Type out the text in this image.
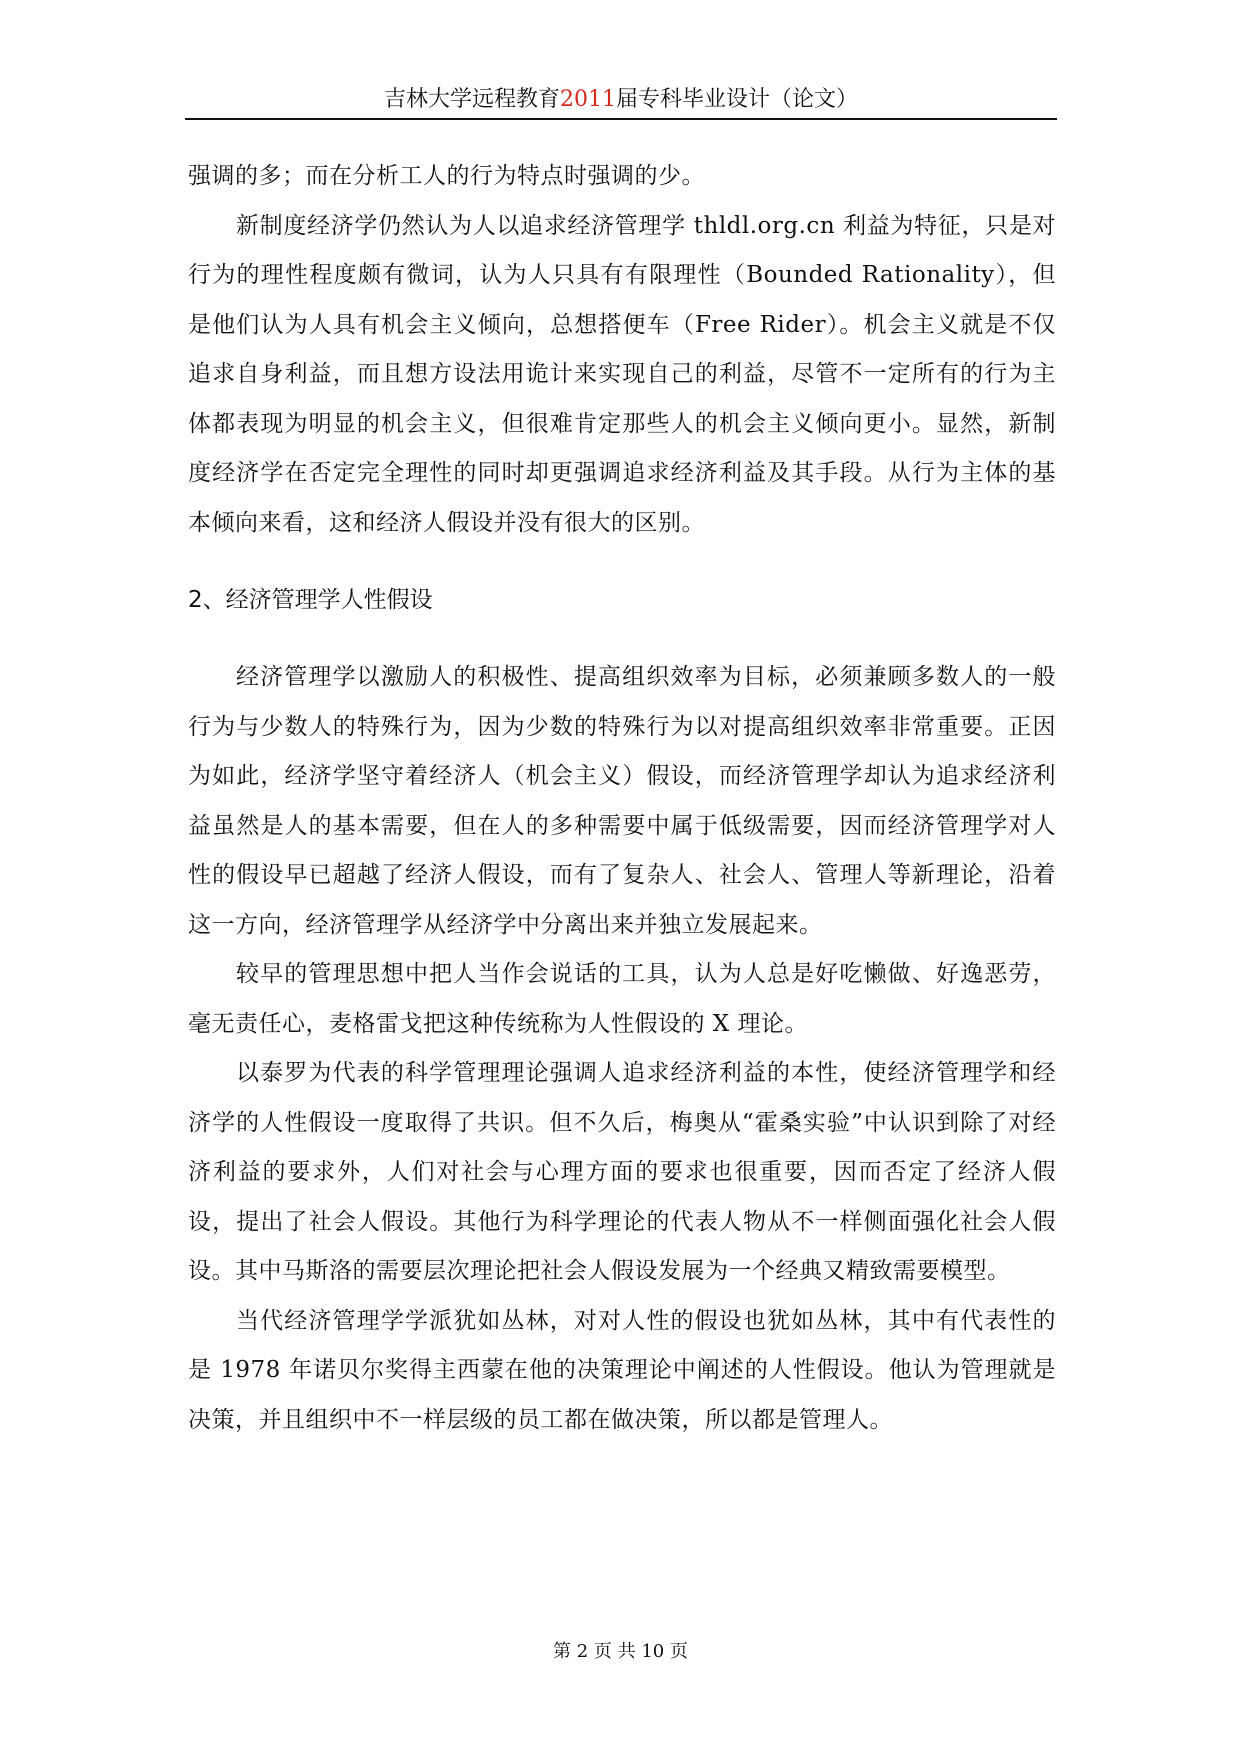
吉林大学远程教育2011届专科毕业设计（论文）

强调的多；而在分析工人的行为特点时强调的少。

新制度经济学仍然认为人以追求经济管理学 thldl.org.cn 利益为特征，只是对行为的理性程度颇有微词，认为人只具有有限理性（Bounded Rationality），但是他们认为人具有机会主义倾向，总想搭便车（Free Rider）。机会主义就是不仅追求自身利益，而且想方设法用诡计来实现自己的利益，尽管不一定所有的行为主体都表现为明显的机会主义，但很难肯定那些人的机会主义倾向更小。显然，新制度经济学在否定完全理性的同时却更强调追求经济利益及其手段。从行为主体的基本倾向来看，这和经济人假设并没有很大的区别。

2、经济管理学人性假设

经济管理学以激励人的积极性、提高组织效率为目标，必须兼顾多数人的一般行为与少数人的特殊行为，因为少数的特殊行为以对提高组织效率非常重要。正因为如此，经济学坚守着经济人（机会主义）假设，而经济管理学却认为追求经济利益虽然是人的基本需要，但在人的多种需要中属于低级需要，因而经济管理学对人性的假设早已超越了经济人假设，而有了复杂人、社会人、管理人等新理论，沿着这一方向，经济管理学从经济学中分离出来并独立发展起来。

较早的管理思想中把人当作会说话的工具，认为人总是好吃懒做、好逸恶劳，毫无责任心，麦格雷戈把这种传统称为人性假设的 X 理论。

以泰罗为代表的科学管理理论强调人追求经济利益的本性，使经济管理学和经济学的人性假设一度取得了共识。但不久后，梅奥从“霍桑实验”中认识到除了对经济利益的要求外，人们对社会与心理方面的要求也很重要，因而否定了经济人假设，提出了社会人假设。其他行为科学理论的代表人物从不一样侧面强化社会人假设。其中马斯洛的需要层次理论把社会人假设发展为一个经典又精致需要模型。

当代经济管理学学派犹如丛林，对对人性的假设也犹如丛林，其中有代表性的是 1978 年诺贝尔奖得主西蒙在他的决策理论中阐述的人性假设。他认为管理就是决策，并且组织中不一样层级的员工都在做决策，所以都是管理人。

第 2 页 共 10 页
